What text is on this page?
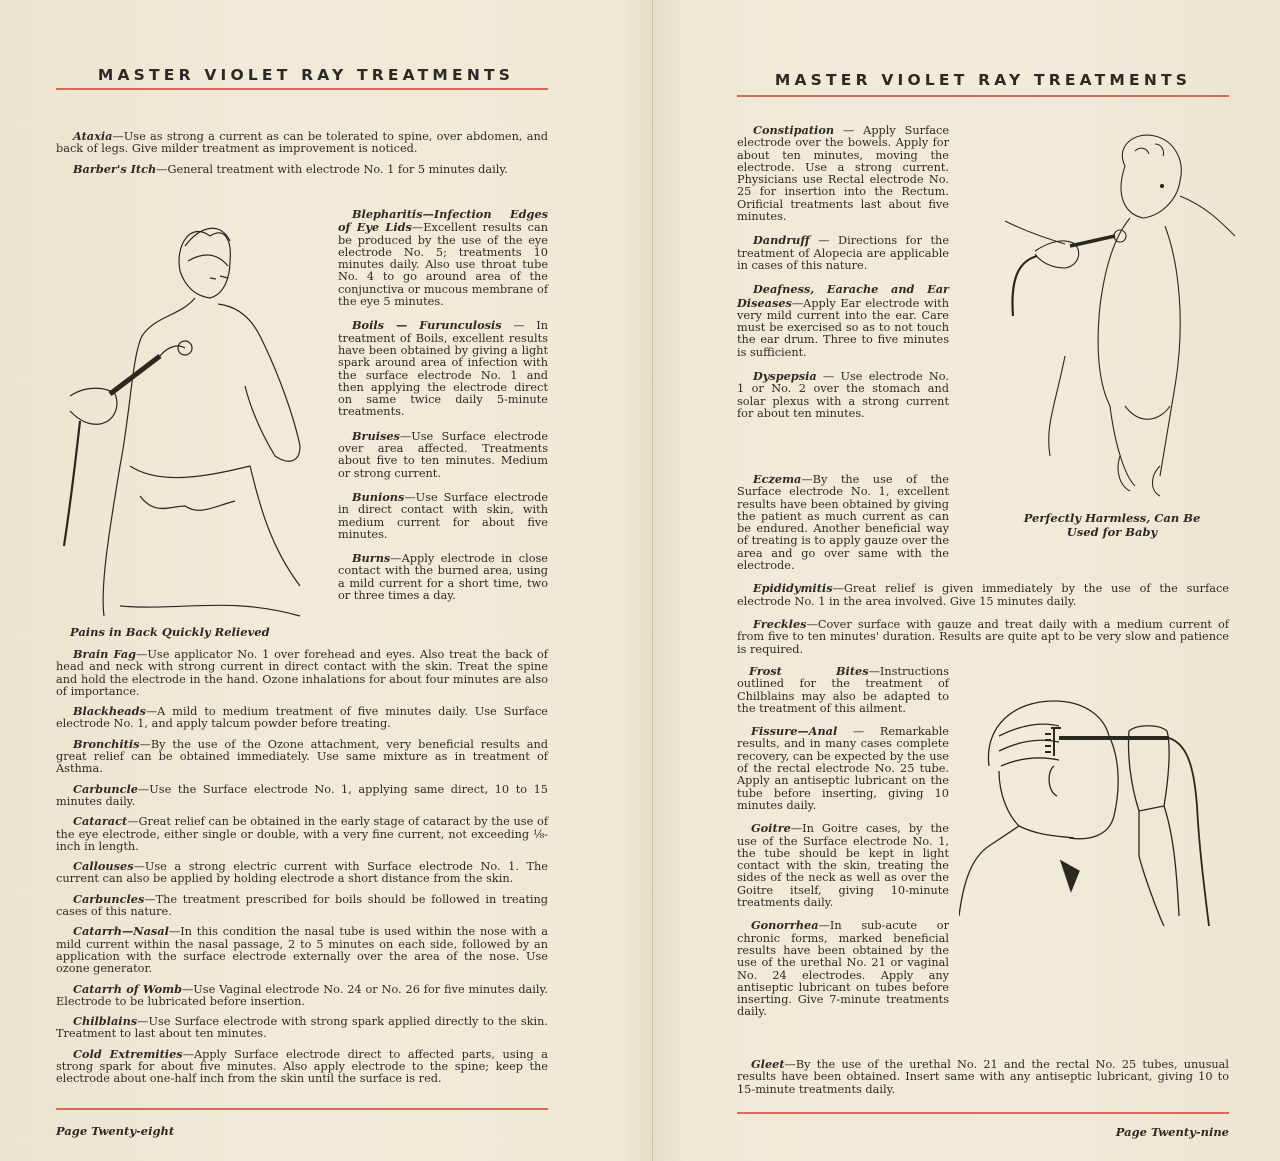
MASTER VIOLET RAY TREATMENTS

Ataxia—Use as strong a current as can be tolerated to spine, over abdomen, and back of legs. Give milder treatment as improvement is noticed.

Barber's Itch—General treatment with electrode No. 1 for 5 minutes daily.

Pains in Back Quickly Relieved

Blepharitis—Infection Edges of Eye Lids—Excellent results can be produced by the use of the eye electrode No. 5; treatments 10 minutes daily. Also use throat tube No. 4 to go around area of the conjunctiva or mucous membrane of the eye 5 minutes.

Boils — Furunculosis — In treatment of Boils, excellent results have been obtained by giving a light spark around area of infection with the surface electrode No. 1 and then applying the electrode direct on same twice daily 5-minute treatments.

Bruises—Use Surface electrode over area affected. Treatments about five to ten minutes. Medium or strong current.

Bunions—Use Surface electrode in direct contact with skin, with medium current for about five minutes.

Burns—Apply electrode in close contact with the burned area, using a mild current for a short time, two or three times a day.

Brain Fag—Use applicator No. 1 over forehead and eyes. Also treat the back of head and neck with strong current in direct contact with the skin. Treat the spine and hold the electrode in the hand. Ozone inhalations for about four minutes are also of importance.

Blackheads—A mild to medium treatment of five minutes daily. Use Surface electrode No. 1, and apply talcum powder before treating.

Bronchitis—By the use of the Ozone attachment, very beneficial results and great relief can be obtained immediately. Use same mixture as in treatment of Asthma.

Carbuncle—Use the Surface electrode No. 1, applying same direct, 10 to 15 minutes daily.

Cataract—Great relief can be obtained in the early stage of cataract by the use of the eye electrode, either single or double, with a very fine current, not exceeding ⅛-inch in length.

Callouses—Use a strong electric current with Surface electrode No. 1. The current can also be applied by holding electrode a short distance from the skin.

Carbuncles—The treatment prescribed for boils should be followed in treating cases of this nature.

Catarrh—Nasal—In this condition the nasal tube is used within the nose with a mild current within the nasal passage, 2 to 5 minutes on each side, followed by an application with the surface electrode externally over the area of the nose. Use ozone generator.

Catarrh of Womb—Use Vaginal electrode No. 24 or No. 26 for five minutes daily. Electrode to be lubricated before insertion.

Chilblains—Use Surface electrode with strong spark applied directly to the skin. Treatment to last about ten minutes.

Cold Extremities—Apply Surface electrode direct to affected parts, using a strong spark for about five minutes. Also apply electrode to the spine; keep the electrode about one-half inch from the skin until the surface is red.

Page Twenty-eight
MASTER VIOLET RAY TREATMENTS

Constipation — Apply Surface electrode over the bowels. Apply for about ten minutes, moving the electrode. Use a strong current. Physicians use Rectal electrode No. 25 for insertion into the Rectum. Orificial treatments last about five minutes.

Dandruff — Directions for the treatment of Alopecia are applicable in cases of this nature.

Deafness, Earache and Ear Diseases—Apply Ear electrode with very mild current into the ear. Care must be exercised so as to not touch the ear drum. Three to five minutes is sufficient.

Dyspepsia — Use electrode No. 1 or No. 2 over the stomach and solar plexus with a strong current for about ten minutes.

Perfectly Harmless, Can Be
Used for Baby

Eczema—By the use of the Surface electrode No. 1, excellent results have been obtained by giving the patient as much current as can be endured. Another beneficial way of treating is to apply gauze over the area and go over same with the electrode.

Epididymitis—Great relief is given immediately by the use of the surface electrode No. 1 in the area involved. Give 15 minutes daily.

Freckles—Cover surface with gauze and treat daily with a medium current of from five to ten minutes' duration. Results are quite apt to be very slow and patience is required.

Frost Bites—Instructions outlined for the treatment of Chilblains may also be adapted to the treatment of this ailment.

Fissure—Anal — Remarkable results, and in many cases complete recovery, can be expected by the use of the rectal electrode No. 25 tube. Apply an antiseptic lubricant on the tube before inserting, giving 10 minutes daily.

Goitre—In Goitre cases, by the use of the Surface electrode No. 1, the tube should be kept in light contact with the skin, treating the sides of the neck as well as over the Goitre itself, giving 10-minute treatments daily.

Gonorrhea—In sub-acute or chronic forms, marked beneficial results have been obtained by the use of the urethal No. 21 or vaginal No. 24 electrodes. Apply any antiseptic lubricant on tubes before inserting. Give 7-minute treatments daily.

Gleet—By the use of the urethal No. 21 and the rectal No. 25 tubes, unusual results have been obtained. Insert same with any antiseptic lubricant, giving 10 to 15-minute treatments daily.

Page Twenty-nine
